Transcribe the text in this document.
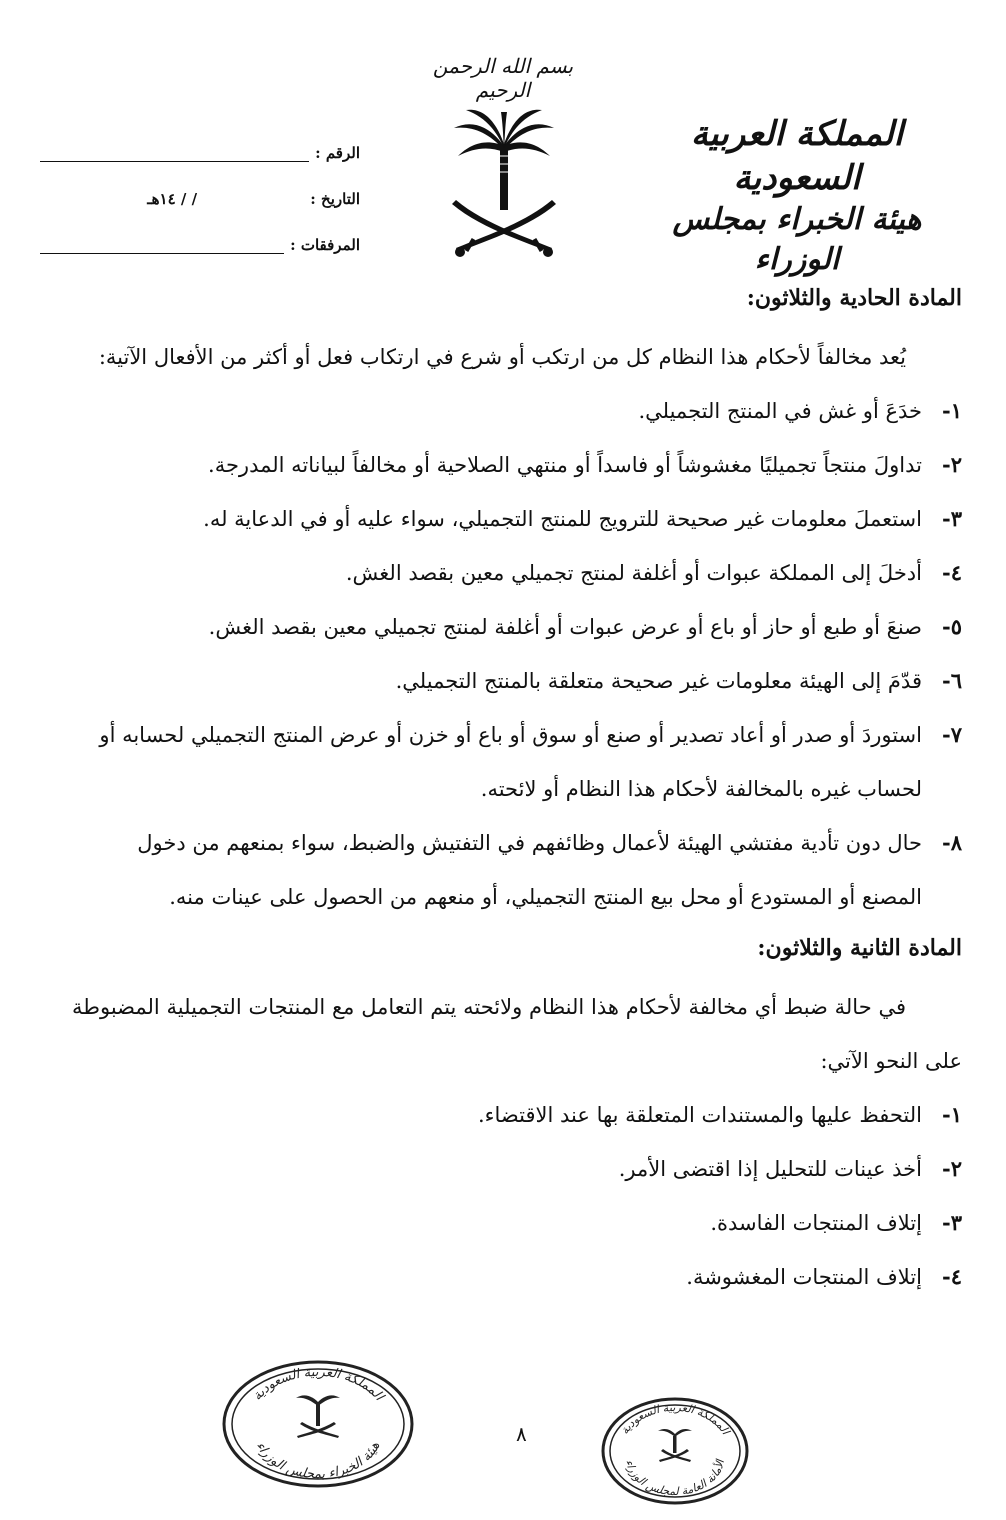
بسم الله الرحمن الرحيم
المملكة العربية السعودية
هيئة الخبراء بمجلس الوزراء
الرقم :
التاريخ :
/ / ١٤هـ
المرفقات :

المادة الحادية والثلاثون:

يُعد مخالفاً لأحكام هذا النظام كل من ارتكب أو شرع في ارتكاب فعل أو أكثر من الأفعال الآتية:

١-
خدَعَ أو غش في المنتج التجميلي.
٢-
تداولَ منتجاً تجميليًا مغشوشاً أو فاسداً أو منتهي الصلاحية أو مخالفاً لبياناته المدرجة.
٣-
استعملَ معلومات غير صحيحة للترويج للمنتج التجميلي، سواء عليه أو في الدعاية له.
٤-
أدخلَ إلى المملكة عبوات أو أغلفة لمنتج تجميلي معين بقصد الغش.
٥-
صنعَ أو طبع أو حاز أو باع أو عرض عبوات أو أغلفة لمنتج تجميلي معين بقصد الغش.
٦-
قدّمَ إلى الهيئة معلومات غير صحيحة متعلقة بالمنتج التجميلي.
٧-
استوردَ أو صدر أو أعاد تصدير أو صنع أو سوق أو باع أو خزن أو عرض المنتج التجميلي لحسابه أو لحساب غيره بالمخالفة لأحكام هذا النظام أو لائحته.
٨-
حال دون تأدية مفتشي الهيئة لأعمال وظائفهم في التفتيش والضبط، سواء بمنعهم من دخول المصنع أو المستودع أو محل بيع المنتج التجميلي، أو منعهم من الحصول على عينات منه.

المادة الثانية والثلاثون:

في حالة ضبط أي مخالفة لأحكام هذا النظام ولائحته يتم التعامل مع المنتجات التجميلية المضبوطة على النحو الآتي:

١-
التحفظ عليها والمستندات المتعلقة بها عند الاقتضاء.
٢-
أخذ عينات للتحليل إذا اقتضى الأمر.
٣-
إتلاف المنتجات الفاسدة.
٤-
إتلاف المنتجات المغشوشة.
المملكة العربية السعودية
هيئة الخبراء بمجلس الوزراء
٨	المملكة العربية السعودية
الأمانة العامة لمجلس الوزراء
